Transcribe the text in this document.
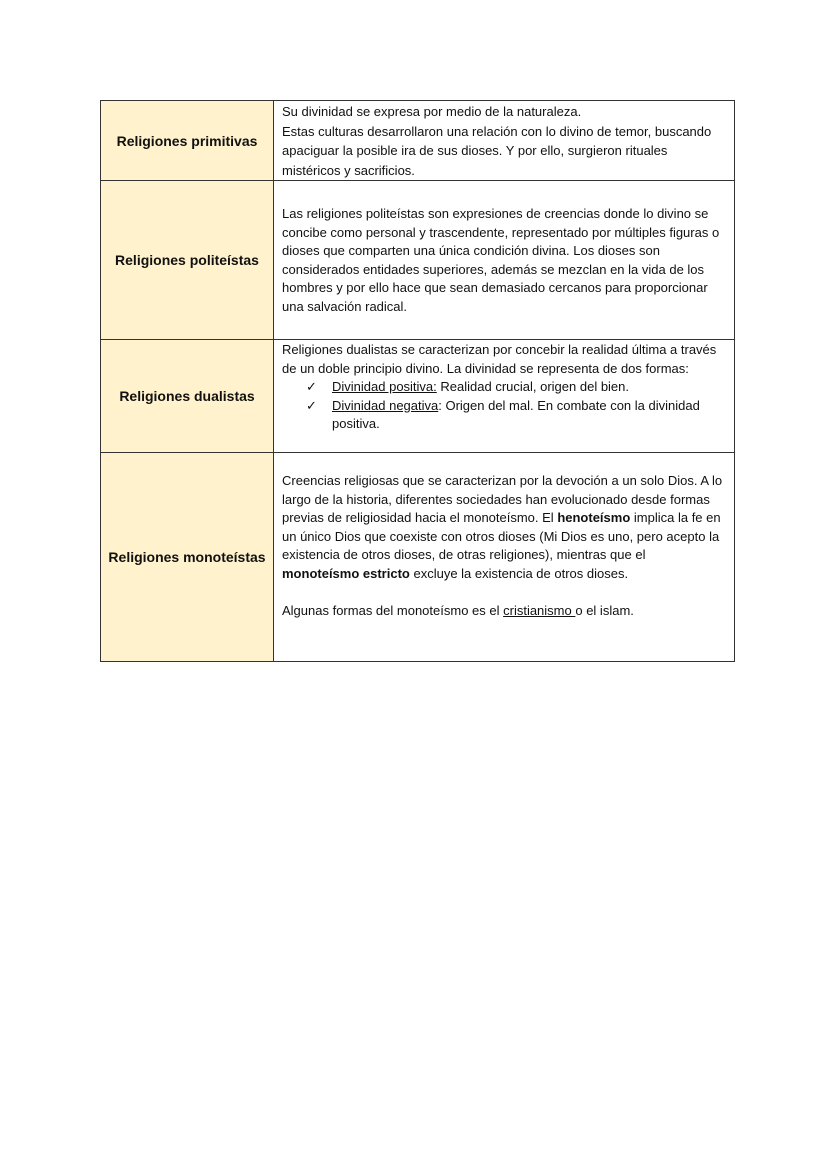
Religiones primitivas

Su divinidad se expresa por medio de la naturaleza.

Estas culturas desarrollaron una relación con lo divino de temor, buscando apaciguar la posible ira de sus dioses. Y por ello, surgieron rituales mistéricos y sacrificios.

Religiones politeístas

Las religiones politeístas son expresiones de creencias donde lo divino se concibe como personal y trascendente, representado por múltiples figuras o dioses que comparten una única condición divina. Los dioses son considerados entidades superiores, además se mezclan en la vida de los hombres y por ello hace que sean demasiado cercanos para proporcionar una salvación radical.

Religiones dualistas

Religiones dualistas se caracterizan por concebir la realidad última a través de un doble principio divino. La divinidad se representa de dos formas:

✓	Divinidad positiva: Realidad crucial, origen del bien.
✓	Divinidad negativa: Origen del mal. En combate con la divinidad positiva.
Religiones monoteístas

Creencias religiosas que se caracterizan por la devoción a un solo Dios. A lo largo de la historia, diferentes sociedades han evolucionado desde formas previas de religiosidad hacia el monoteísmo. El henoteísmo implica la fe en un único Dios que coexiste con otros dioses (Mi Dios es uno, pero acepto la existencia de otros dioses, de otras religiones), mientras que el monoteísmo estricto excluye la existencia de otros dioses.

Algunas formas del monoteísmo es el cristianismo o el islam.
